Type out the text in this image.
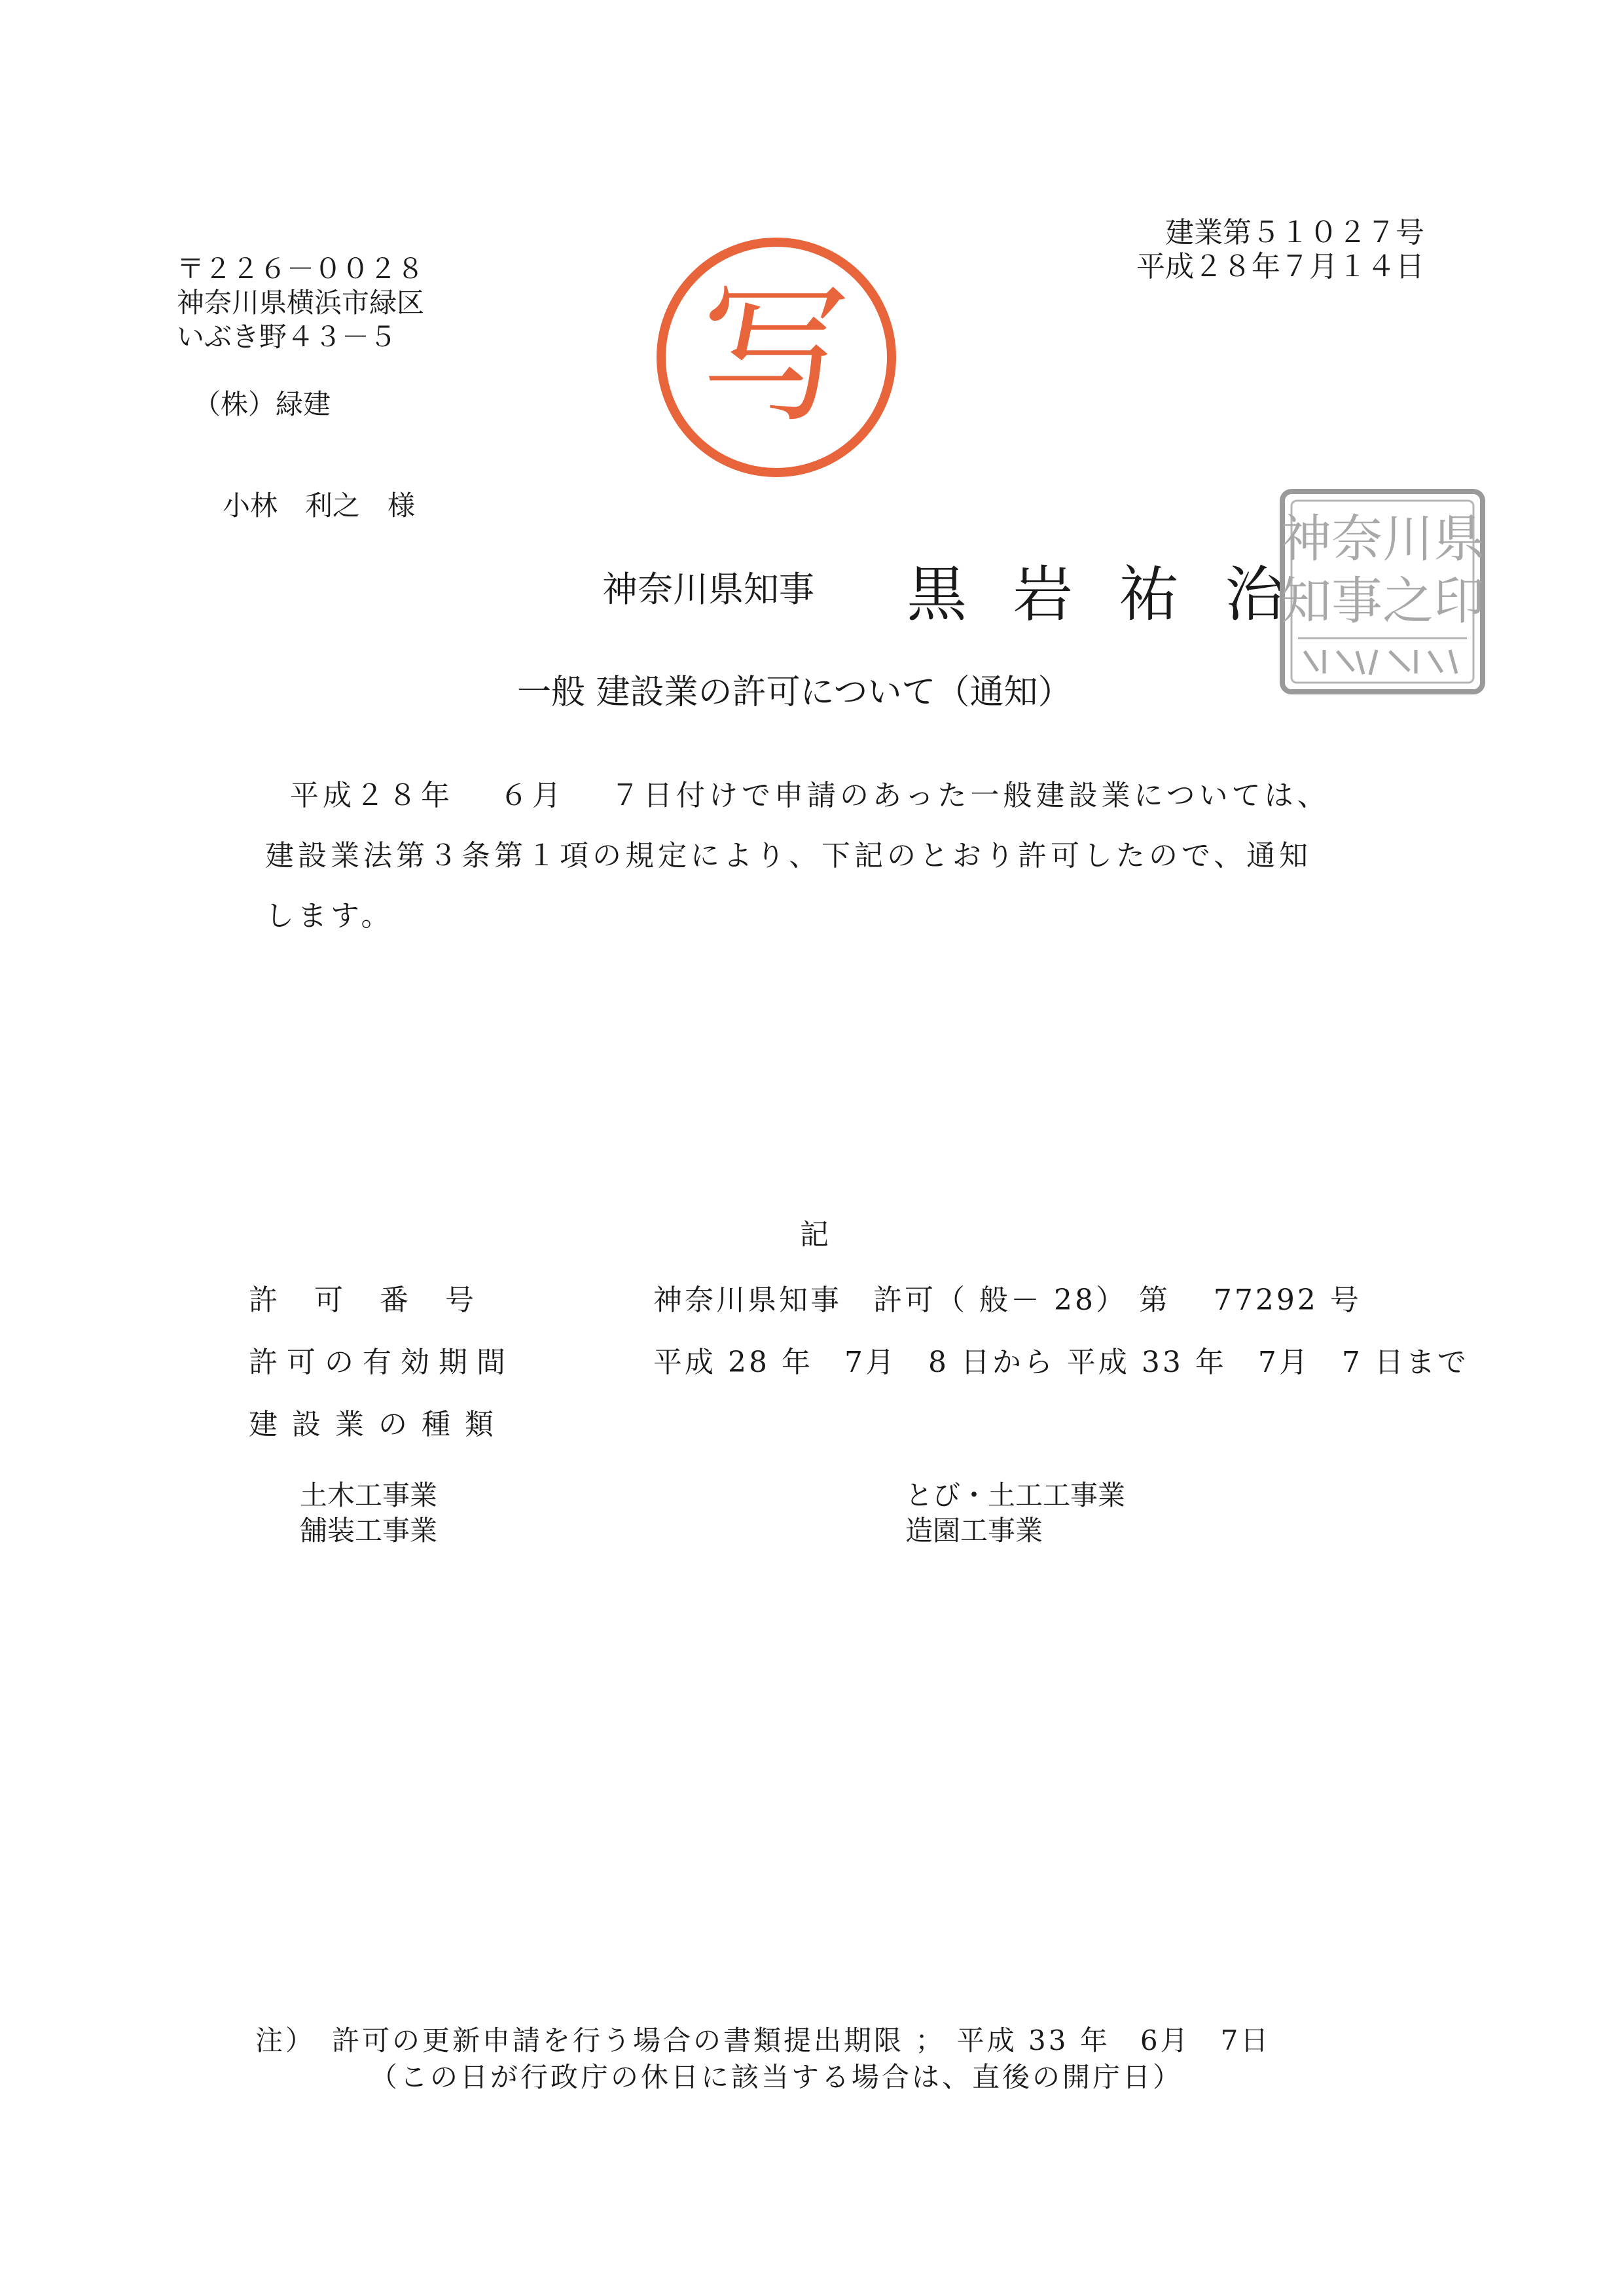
建業第５１０２７号
平成２８年７月１４日
〒２２６－００２８
神奈川県横浜市緑区
いぶき野４３－５
（株）緑建
小林 利之 様
写
神奈川県知事 黒岩祐治
神奈川県
知事之印
一般 建設業の許可について（通知）
平成２８年　 ６月　 ７日付けで申請のあった一般建設業については、
建設業法第３条第１項の規定により、下記のとおり許可したので、通知
します。
記
許可番号	神奈川県知事　許可（ 般－ 28） 第　 77292 号
許可の有効期間	平成 28 年　7月　8 日から 平成 33 年　7月　7 日まで
建設業の種類
土木工事業
舗装工事業
とび・土工工事業
造園工事業
注）　許可の更新申請を行う場合の書類提出期限 ； 平成 33 年　6月　7日
（この日が行政庁の休日に該当する場合は、直後の開庁日）
